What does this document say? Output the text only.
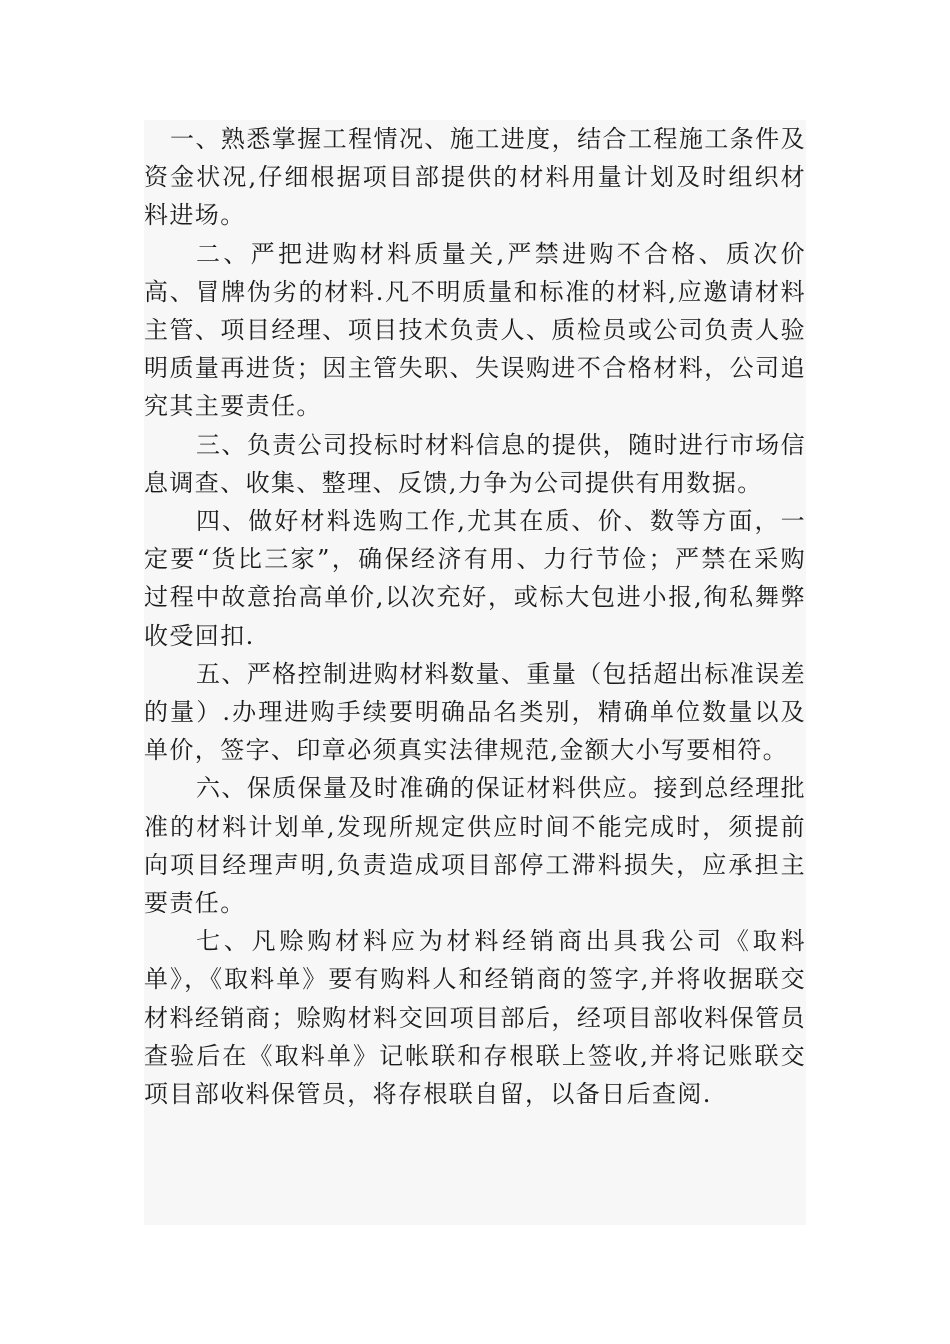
一、熟悉掌握工程情况、施工进度，结合工程施工条件及资金状况,仔细根据项目部提供的材料用量计划及时组织材料进场。

二、严把进购材料质量关,严禁进购不合格、质次价高、冒牌伪劣的材料.凡不明质量和标准的材料,应邀请材料主管、项目经理、项目技术负责人、质检员或公司负责人验明质量再进货；因主管失职、失误购进不合格材料，公司追究其主要责任。

三、负责公司投标时材料信息的提供，随时进行市场信息调查、收集、整理、反馈,力争为公司提供有用数据。

四、做好材料选购工作,尤其在质、价、数等方面，一定要“货比三家”，确保经济有用、力行节俭；严禁在采购过程中故意抬高单价,以次充好，或标大包进小报,徇私舞弊收受回扣.

五、严格控制进购材料数量、重量（包括超出标准误差的量）.办理进购手续要明确品名类别，精确单位数量以及单价，签字、印章必须真实法律规范,金额大小写要相符。

六、保质保量及时准确的保证材料供应。接到总经理批准的材料计划单,发现所规定供应时间不能完成时，须提前向项目经理声明,负责造成项目部停工滞料损失，应承担主要责任。

七、凡赊购材料应为材料经销商出具我公司《取料单》，《取料单》要有购料人和经销商的签字,并将收据联交材料经销商；赊购材料交回项目部后，经项目部收料保管员查验后在《取料单》记帐联和存根联上签收,并将记账联交项目部收料保管员，将存根联自留，以备日后查阅.
